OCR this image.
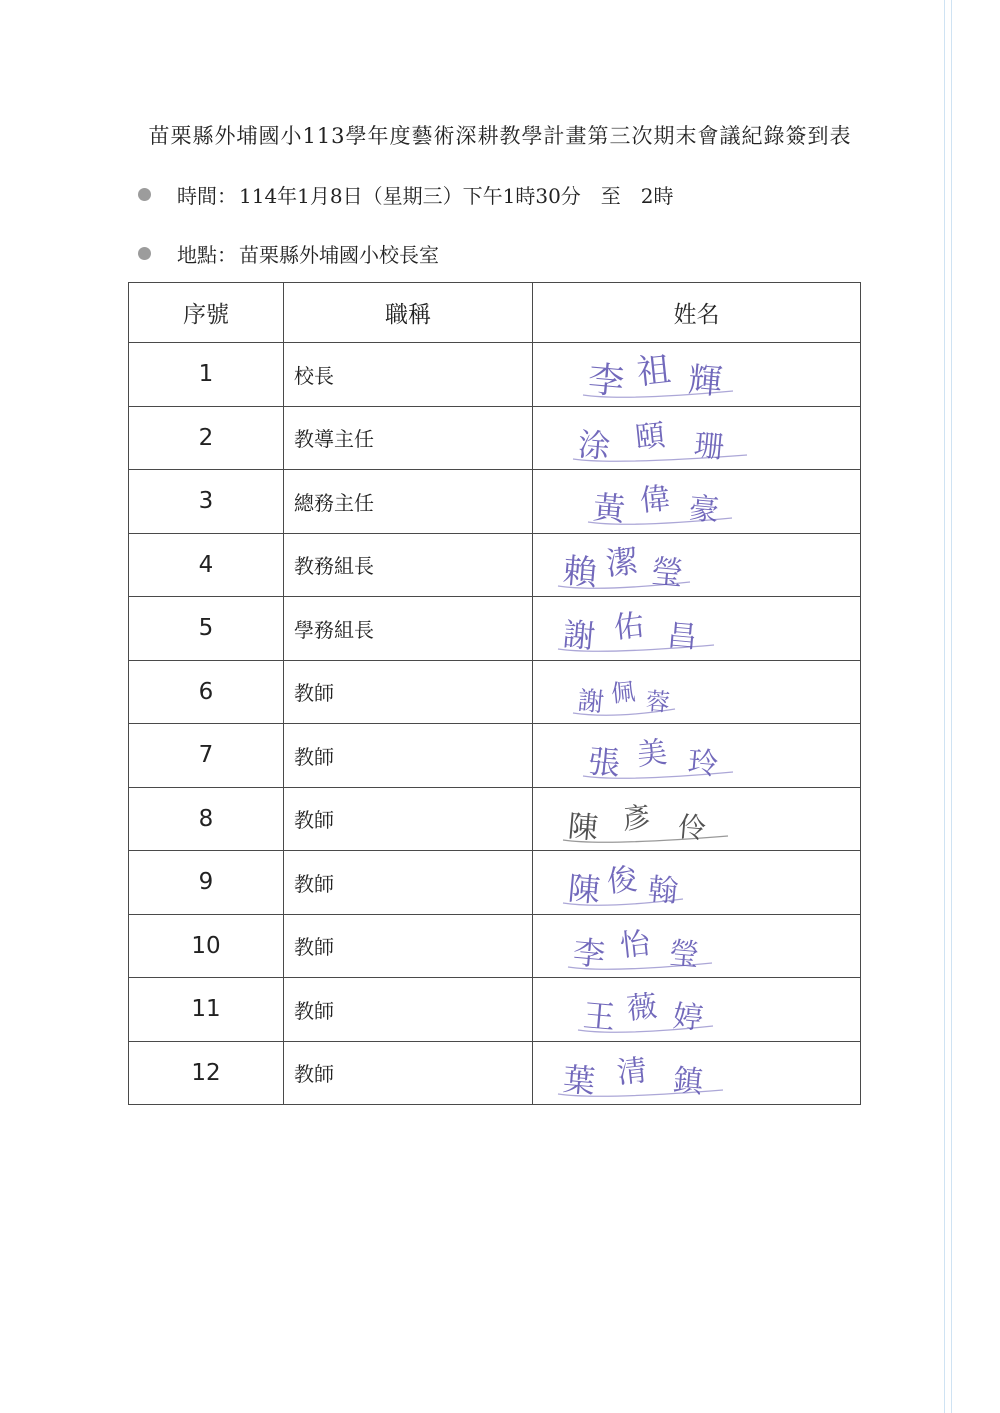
苗栗縣外埔國小113學年度藝術深耕教學計畫第三次期末會議紀錄簽到表
時間： 114年1月8日（星期三）下午1時30分　至　2時
地點： 苗栗縣外埔國小校長室
序號	職稱	姓名
1	校長	李 祖 輝

2	教導主任	涂 頤 珊

3	總務主任	黃 偉 豪

4	教務組長	賴 潔 瑩

5	學務組長	謝 佑 昌

6	教師	謝 佩 蓉

7	教師	張 美 玲

8	教師	陳 彥 伶

9	教師	陳 俊 翰

10	教師	李 怡 瑩

11	教師	王 薇 婷

12	教師	葉 清 鎮
